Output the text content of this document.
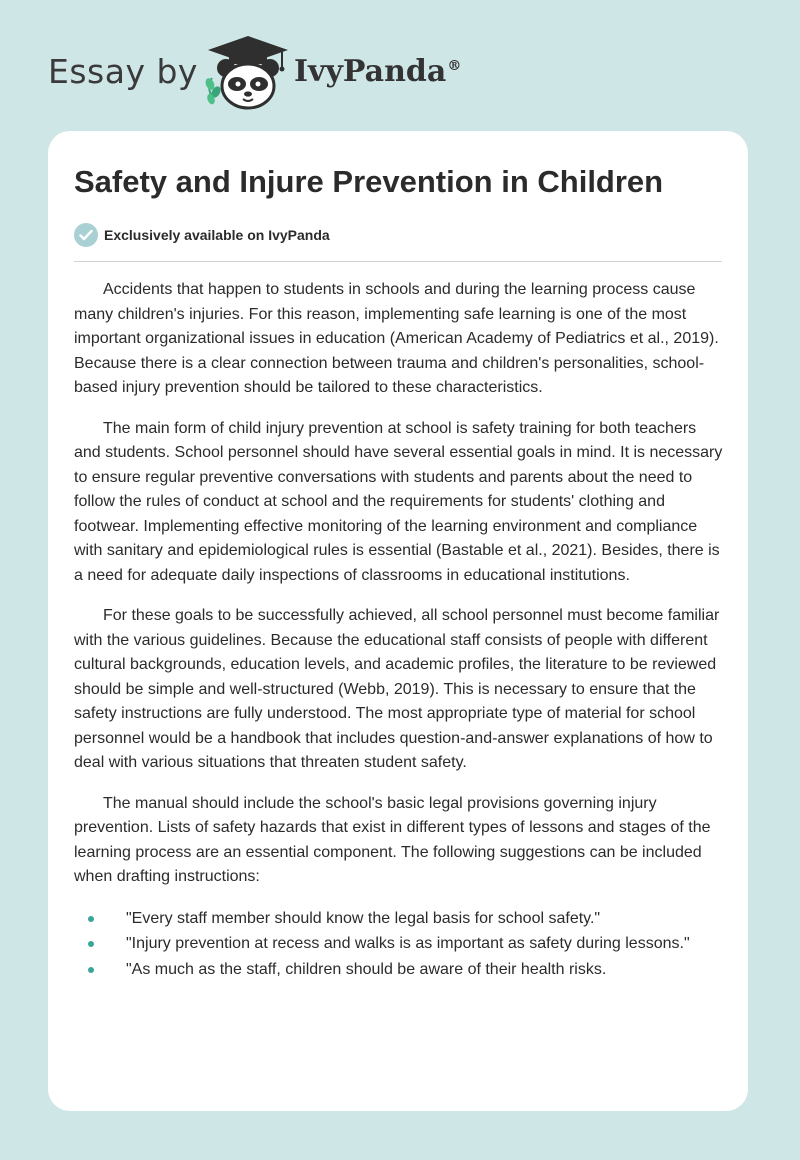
Essay by	IvyPanda®
Safety and Injure Prevention in Children
Exclusively available on IvyPanda

Accidents that happen to students in schools and during the learning process cause many children's injuries. For this reason, implementing safe learning is one of the most important organizational issues in education (American Academy of Pediatrics et al., 2019). Because there is a clear connection between trauma and children's personalities, school-based injury prevention should be tailored to these characteristics.

The main form of child injury prevention at school is safety training for both teachers and students. School personnel should have several essential goals in mind. It is necessary to ensure regular preventive conversations with students and parents about the need to follow the rules of conduct at school and the requirements for students' clothing and footwear. Implementing effective monitoring of the learning environment and compliance with sanitary and epidemiological rules is essential (Bastable et al., 2021). Besides, there is a need for adequate daily inspections of classrooms in educational institutions.

For these goals to be successfully achieved, all school personnel must become familiar with the various guidelines. Because the educational staff consists of people with different cultural backgrounds, education levels, and academic profiles, the literature to be reviewed should be simple and well-structured (Webb, 2019). This is necessary to ensure that the safety instructions are fully understood. The most appropriate type of material for school personnel would be a handbook that includes question-and-answer explanations of how to deal with various situations that threaten student safety.

The manual should include the school's basic legal provisions governing injury prevention. Lists of safety hazards that exist in different types of lessons and stages of the learning process are an essential component. The following suggestions can be included when drafting instructions:

"Every staff member should know the legal basis for school safety."
"Injury prevention at recess and walks is as important as safety during lessons."
"As much as the staff, children should be aware of their health risks.
